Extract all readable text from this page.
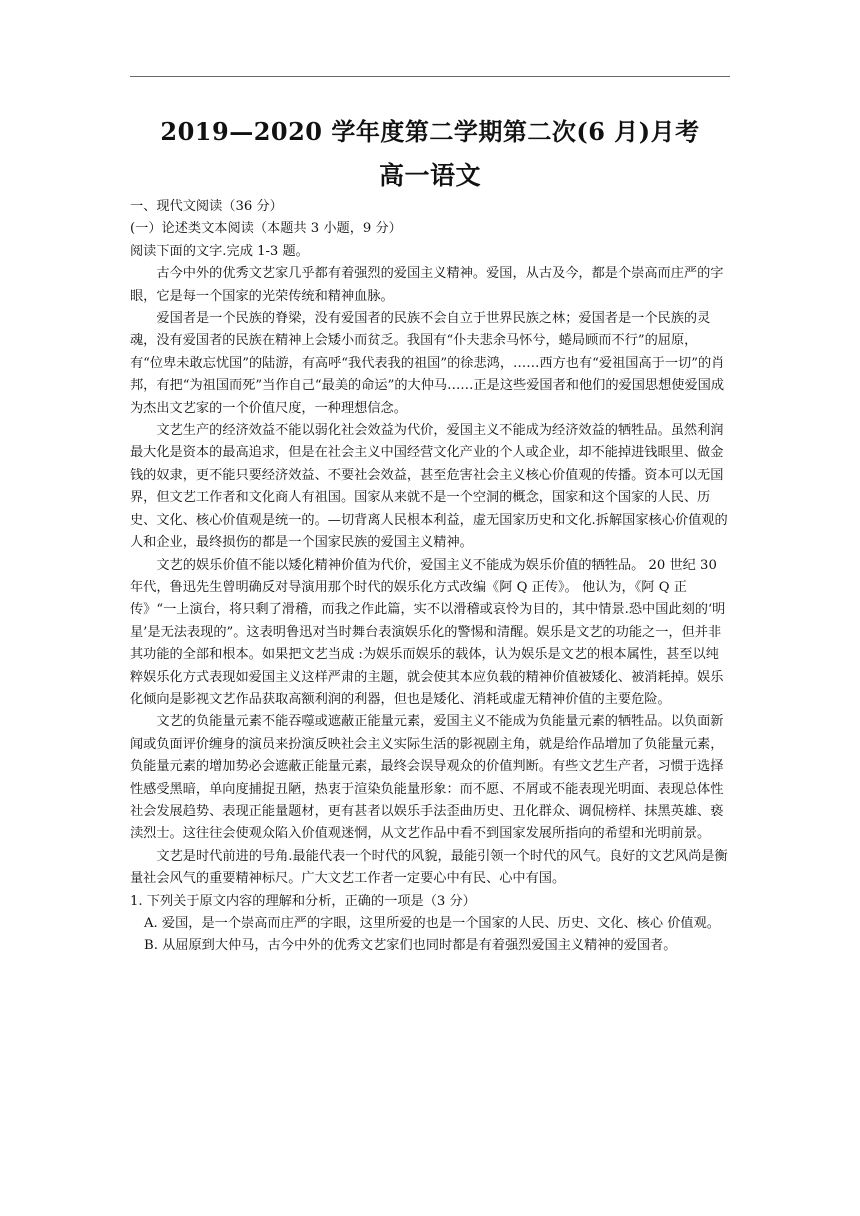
2019—2020 学年度第二学期第二次(6 月)月考
高一语文

一、现代文阅读（36 分）

(一）论述类文本阅读（本题共 3 小题，9 分）

阅读下面的文字.完成 1-3 题。

古今中外的优秀文艺家几乎都有着强烈的爱国主义精神。爱国，从古及今，都是个崇高而庄严的字眼，它是每一个国家的光荣传统和精神血脉。

爱国者是一个民族的脊梁，没有爱国者的民族不会自立于世界民族之林；爱国者是一个民族的灵魂，没有爱国者的民族在精神上会矮小而贫乏。我国有“仆夫悲余马怀兮，蜷局顾而不行”的屈原，有“位卑未敢忘忧国”的陆游，有高呼“我代表我的祖国”的徐悲鸿，……西方也有“爱祖国高于一切”的肖邦，有把“为祖国而死”当作自己“最美的命运”的大仲马……正是这些爱国者和他们的爱国思想使爱国成为杰出文艺家的一个价值尺度，一种理想信念。

文艺生产的经济效益不能以弱化社会效益为代价，爱国主义不能成为经济效益的牺牲品。虽然利润最大化是资本的最高追求，但是在社会主义中国经营文化产业的个人或企业，却不能掉进钱眼里、做金钱的奴隶，更不能只要经济效益、不要社会效益，甚至危害社会主义核心价值观的传播。资本可以无国界，但文艺工作者和文化商人有祖国。国家从来就不是一个空洞的概念，国家和这个国家的人民、历史、文化、核心价值观是统一的。—切背离人民根本利益，虚无国家历史和文化.拆解国家核心价值观的人和企业，最终损伤的都是一个国家民族的爱国主义精神。

文艺的娱乐价值不能以矮化精神价值为代价，爱国主义不能成为娱乐价值的牺牲品。 20 世纪 30 年代，鲁迅先生曾明确反对导演用那个时代的娱乐化方式改编《阿 Q 正传》。 他认为，《阿 Q 正传》“一上演台，将只剩了滑稽，而我之作此篇，实不以滑稽或哀怜为目的，其中情景.恐中国此刻的‘明星’是无法表现的”。这表明鲁迅对当时舞台表演娱乐化的警惕和清醒。娱乐是文艺的功能之一，但并非其功能的全部和根本。如果把文艺当成 :为娱乐而娱乐的载体，认为娱乐是文艺的根本属性，甚至以纯粹娱乐化方式表现如爱国主义这样严肃的主题，就会使其本应负载的精神价值被矮化、被消耗掉。娱乐化倾向是影视文艺作品获取高额利润的利器，但也是矮化、消耗或虚无精神价值的主要危险。

文艺的负能量元素不能吞噬或遮蔽正能量元素，爱国主义不能成为负能量元素的牺牲品。以负面新闻或负面评价缠身的演员来扮演反映社会主义实际生活的影视剧主角，就是给作品增加了负能量元素，负能量元素的增加势必会遮蔽正能量元素，最终会误导观众的价值判断。有些文艺生产者，习惯于选择性感受黑暗，单向度捕捉丑陋，热衷于渲染负能量形象：而不愿、不屑或不能表现光明面、表现总体性社会发展趋势、表现正能量题材，更有甚者以娱乐手法歪曲历史、丑化群众、调侃榜样、抹黑英雄、亵渎烈士。这往往会使观众陷入价值观迷惘，从文艺作品中看不到国家发展所指向的希望和光明前景。

文艺是时代前进的号角.最能代表一个时代的风貌，最能引领一个时代的风气。良好的文艺风尚是衡量社会风气的重要精神标尺。广大文艺工作者一定要心中有民、心中有国。

1. 下列关于原文内容的理解和分析，正确的一项是（3 分）

A. 爱国，是一个崇高而庄严的字眼，这里所爱的也是一个国家的人民、历史、文化、核心 价值观。

B. 从屈原到大仲马，古今中外的优秀文艺家们也同时都是有着强烈爱国主义精神的爱国者。
